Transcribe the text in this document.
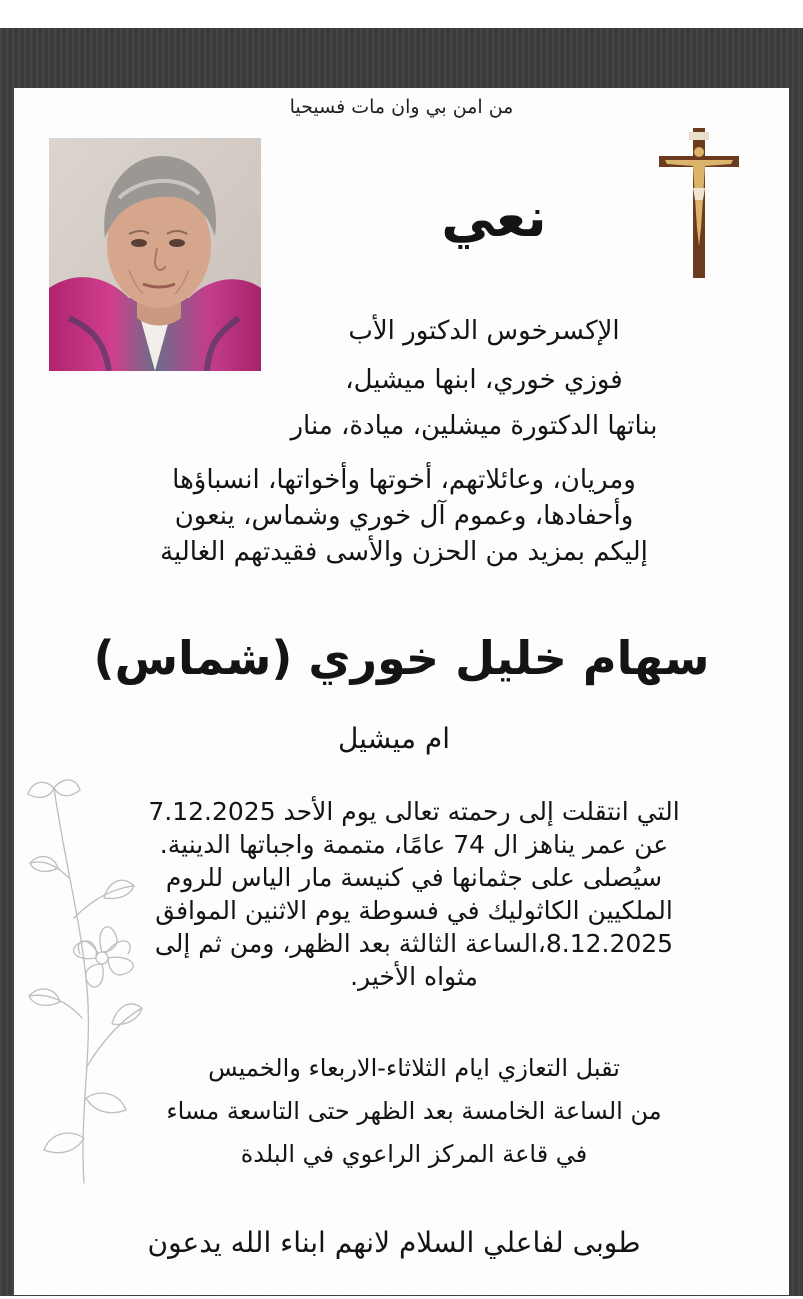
من امن بي وان مات فسيحيا
نعي
الإكسرخوس الدكتور الأب
فوزي خوري، ابنها ميشيل،
بناتها الدكتورة ميشلين، ميادة، منار
ومريان، وعائلاتهم، أخوتها وأخواتها، انسباؤها
وأحفادها، وعموم آل خوري وشماس، ينعون
إليكم بمزيد من الحزن والأسى فقيدتهم الغالية
سهام خليل خوري (شماس)
ام ميشيل
التي انتقلت إلى رحمته تعالى يوم الأحد 7.12.2025
عن عمر يناهز ال 74 عامًا، متممة واجباتها الدينية.
سيُصلى على جثمانها في كنيسة مار الياس للروم
الملكيين الكاثوليك في فسوطة يوم الاثنين الموافق
8.12.2025،الساعة الثالثة بعد الظهر، ومن ثم إلى
مثواه الأخير.
تقبل التعازي ايام الثلاثاء-الاربعاء والخميس
من الساعة الخامسة بعد الظهر حتى التاسعة مساء
في قاعة المركز الراعوي في البلدة
طوبى لفاعلي السلام لانهم ابناء الله يدعون
